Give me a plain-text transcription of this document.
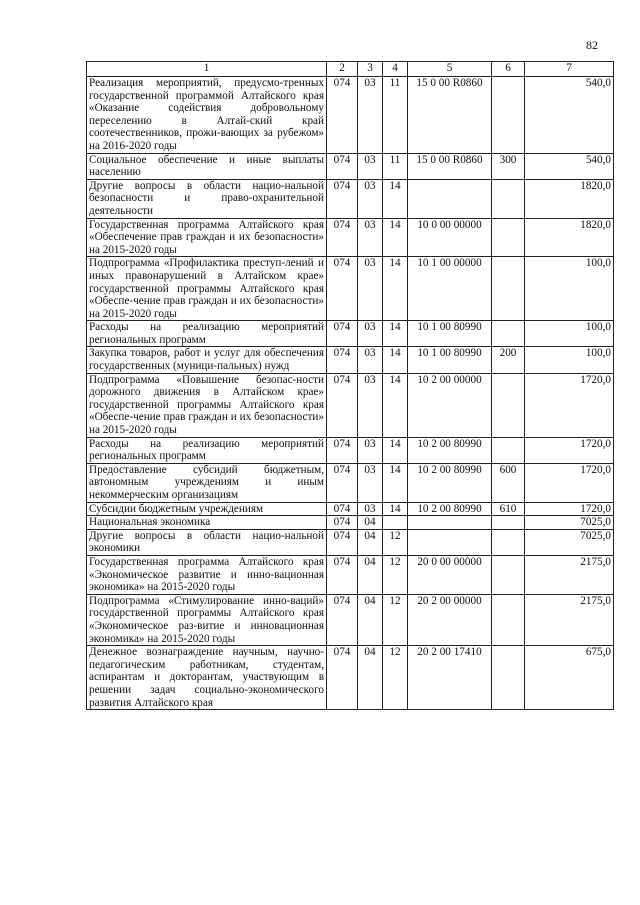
82
1	2	3	4	5	6	7
Реализация мероприятий, предусмо-тренных государственной программой Алтайского края «Оказание содействия добровольному переселению в Алтай-ский край соотечественников, прожи-вающих за рубежом» на 2016-2020 годы	074	03	11	15 0 00 R0860		540,0
Социальное обеспечение и иные выплаты населению	074	03	11	15 0 00 R0860	300	540,0
Другие вопросы в области нацио-нальной безопасности и право-охранительной деятельности	074	03	14			1820,0
Государственная программа Алтайского края «Обеспечение прав граждан и их безопасности» на 2015-2020 годы	074	03	14	10 0 00 00000		1820,0
Подпрограмма «Профилактика преступ-лений и иных правонарушений в Алтайском крае» государственной программы Алтайского края «Обеспе-чение прав граждан и их безопасности» на 2015-2020 годы	074	03	14	10 1 00 00000		100,0
Расходы на реализацию мероприятий региональных программ	074	03	14	10 1 00 80990		100,0
Закупка товаров, работ и услуг для обеспечения государственных (муници-пальных) нужд	074	03	14	10 1 00 80990	200	100,0
Подпрограмма «Повышение безопас-ности дорожного движения в Алтайском крае» государственной программы Алтайского края «Обеспе-чение прав граждан и их безопасности» на 2015-2020 годы	074	03	14	10 2 00 00000		1720,0
Расходы на реализацию мероприятий региональных программ	074	03	14	10 2 00 80990		1720,0
Предоставление субсидий бюджетным, автономным учреждениям и иным некоммерческим организациям	074	03	14	10 2 00 80990	600	1720,0
Субсидии бюджетным учреждениям	074	03	14	10 2 00 80990	610	1720,0
Национальная экономика	074	04				7025,0
Другие вопросы в области нацио-нальной экономики	074	04	12			7025,0
Государственная программа Алтайского края «Экономическое развитие и инно-вационная экономика» на 2015-2020 годы	074	04	12	20 0 00 00000		2175,0
Подпрограмма «Стимулирование инно-ваций» государственной программы Алтайского края «Экономическое раз-витие и инновационная экономика» на 2015-2020 годы	074	04	12	20 2 00 00000		2175,0
Денежное вознаграждение научным, научно-педагогическим работникам, студентам, аспирантам и докторантам, участвующим в решении задач социально-экономического развития Алтайского края	074	04	12	20 2 00 17410		675,0
